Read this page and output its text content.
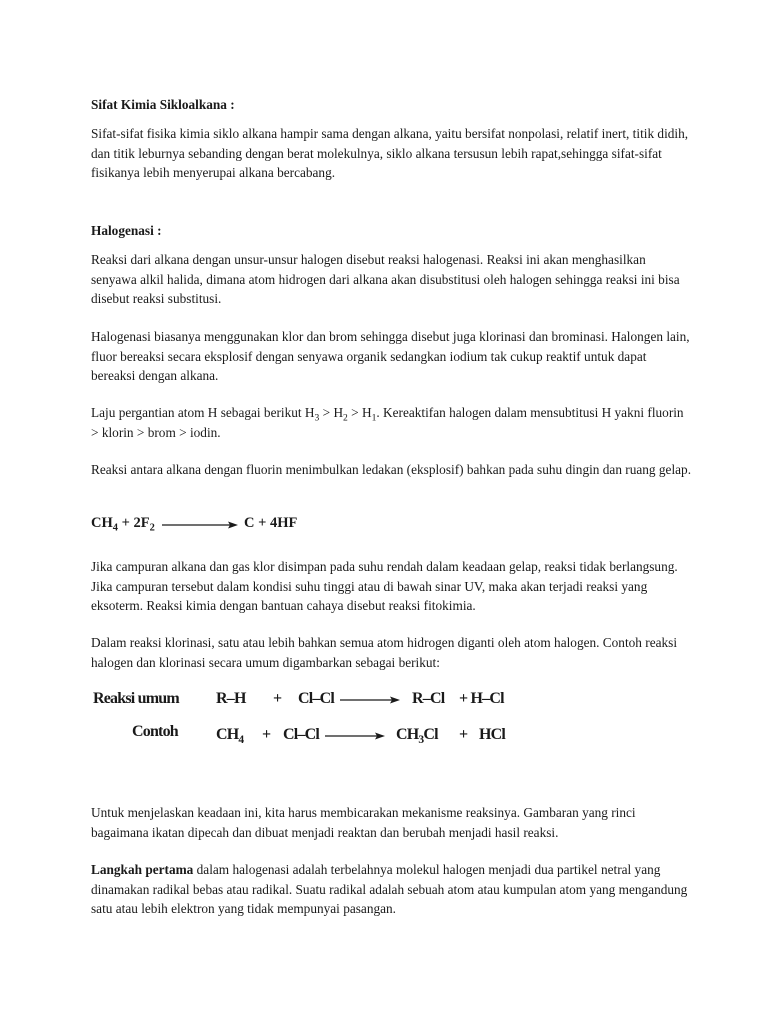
Sifat Kimia Sikloalkana :

Sifat-sifat fisika kimia siklo alkana hampir sama dengan alkana, yaitu bersifat nonpolasi, relatif inert, titik didih, dan titik leburnya sebanding dengan berat molekulnya, siklo alkana tersusun lebih rapat,sehingga sifat-sifat fisikanya lebih menyerupai alkana bercabang.

Halogenasi :

Reaksi dari alkana dengan unsur-unsur halogen disebut reaksi halogenasi. Reaksi ini akan menghasilkan senyawa alkil halida, dimana atom hidrogen dari alkana akan disubstitusi oleh halogen sehingga reaksi ini bisa disebut reaksi substitusi.

Halogenasi biasanya menggunakan klor dan brom sehingga disebut juga klorinasi dan brominasi. Halongen lain, fluor bereaksi secara eksplosif dengan senyawa organik sedangkan iodium tak cukup reaktif untuk dapat bereaksi dengan alkana.

Laju pergantian atom H sebagai berikut $H_3 > H_2 > H_1$. Kereaktifan halogen dalam mensubtitusi H yakni fluorin > klorin > brom > iodin.

Reaksi antara alkana dengan fluorin menimbulkan ledakan (eksplosif) bahkan pada suhu dingin dan ruang gelap.

$CH_4 + 2F_2$	C + 4HF

Jika campuran alkana dan gas klor disimpan pada suhu rendah dalam keadaan gelap, reaksi tidak berlangsung. Jika campuran tersebut dalam kondisi suhu tinggi atau di bawah sinar UV, maka akan terjadi reaksi yang eksoterm. Reaksi kimia dengan bantuan cahaya disebut reaksi fitokimia.

Dalam reaksi klorinasi, satu atau lebih bahkan semua atom hidrogen diganti oleh atom halogen. Contoh reaksi halogen dan klorinasi secara umum digambarkan sebagai berikut:

Reaksi umum R–H + Cl–Cl → R–Cl + H–Cl
Contoh $CH_4 + Cl-Cl \to CH_3Cl$ + HCl

Untuk menjelaskan keadaan ini, kita harus membicarakan mekanisme reaksinya. Gambaran yang rinci bagaimana ikatan dipecah dan dibuat menjadi reaktan dan berubah menjadi hasil reaksi.

Langkah pertama dalam halogenasi adalah terbelahnya molekul halogen menjadi dua partikel netral yang dinamakan radikal bebas atau radikal. Suatu radikal adalah sebuah atom atau kumpulan atom yang mengandung satu atau lebih elektron yang tidak mempunyai pasangan.
